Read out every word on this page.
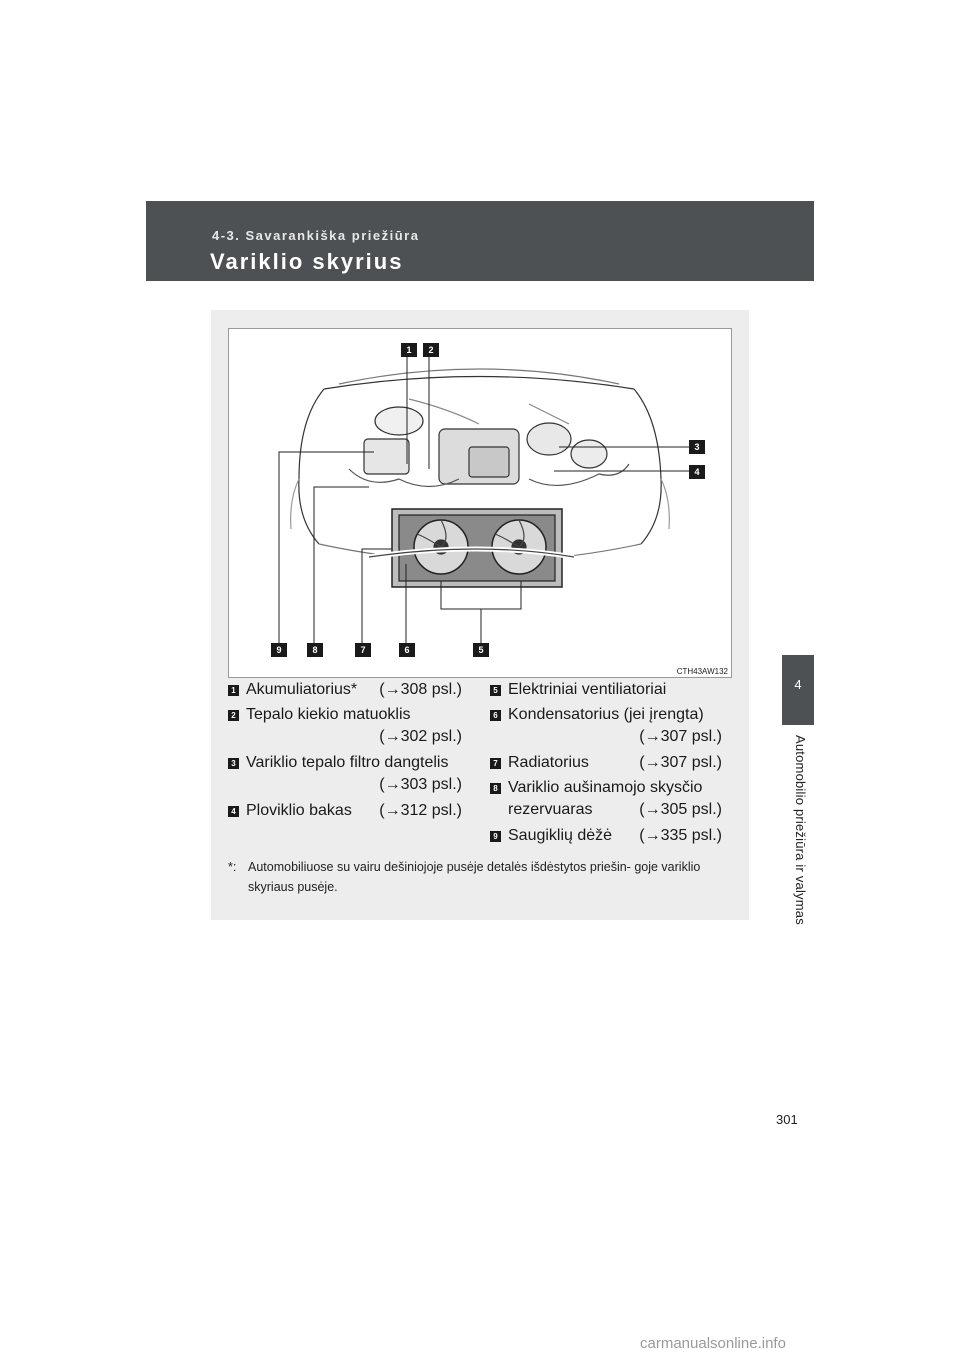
4-3. Savarankiška priežiūra
Variklio skyrius
4
Automobilio priežiūra ir valymas
1	2
3
4
5
6
7
8
9
CTH43AW132
1 Akumuliatorius* (→308 psl.)
2 Tepalo kiekio matuoklis
(→302 psl.)
3 Variklio tepalo filtro dangtelis
(→303 psl.)
4 Ploviklio bakas (→312 psl.)
5 Elektriniai ventiliatoriai
6 Kondensatorius (jei įrengta)
(→307 psl.)
7 Radiatorius	(→307 psl.)
8 Variklio aušinamojo skysčio
rezervuaras	(→305 psl.)
9 Saugiklių dėžė (→335 psl.)
*: Automobiliuose su vairu dešiniojoje pusėje detalės išdėstytos priešin- goje variklio skyriaus pusėje.
301
carmanualsonline.info
